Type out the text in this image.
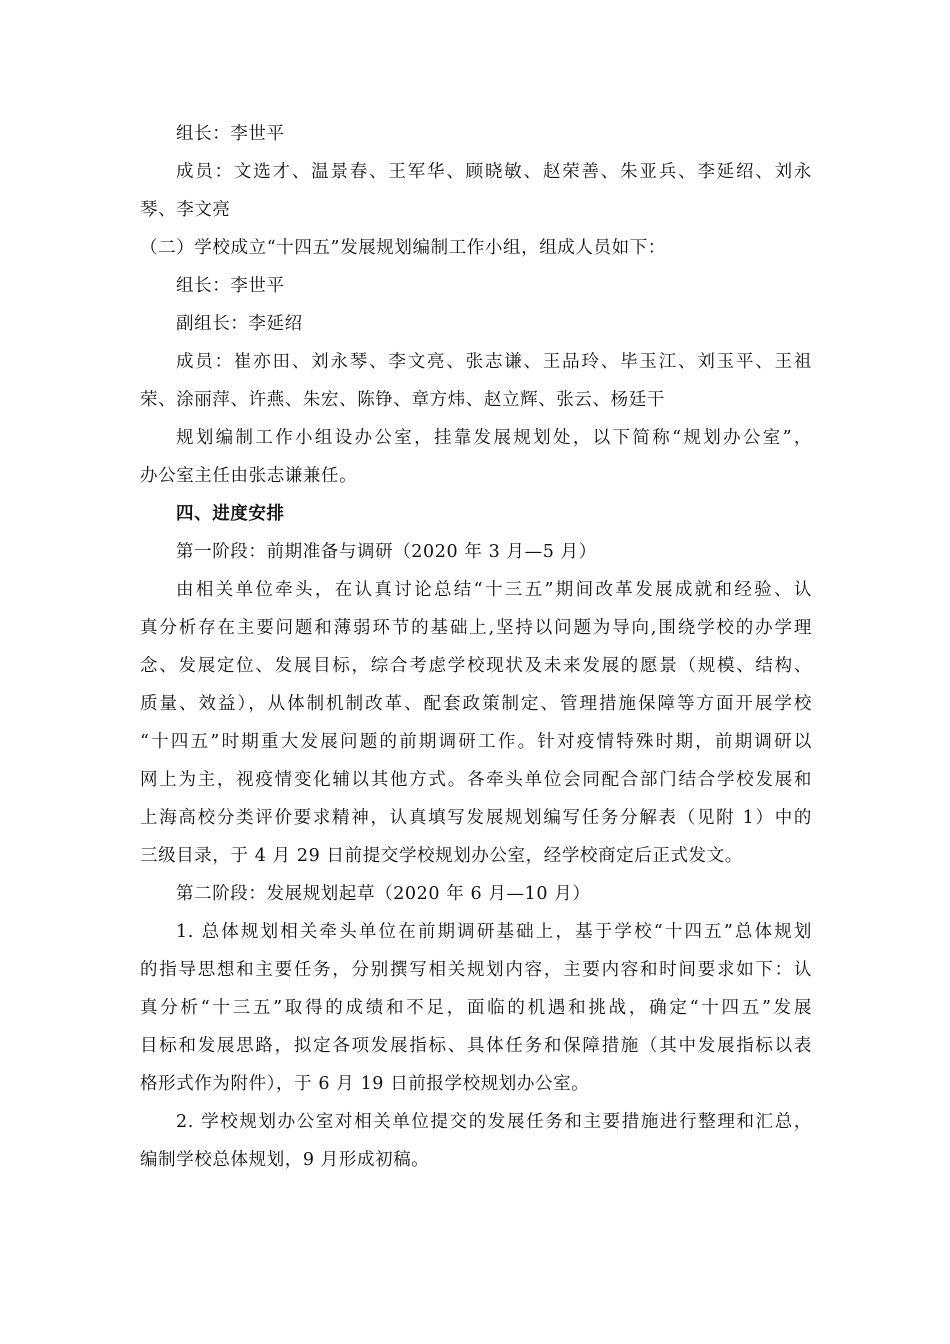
组长：李世平
成员：文选才、温景春、王军华、顾晓敏、赵荣善、朱亚兵、李延绍、刘永
琴、李文亮
（二）学校成立“十四五”发展规划编制工作小组，组成人员如下：
组长：李世平
副组长：李延绍
成员：崔亦田、刘永琴、李文亮、张志谦、王品玲、毕玉江、刘玉平、王祖
荣、涂丽萍、许燕、朱宏、陈铮、章方炜、赵立辉、张云、杨廷干
规划编制工作小组设办公室，挂靠发展规划处，以下简称“规划办公室”，
办公室主任由张志谦兼任。
四、进度安排
第一阶段：前期准备与调研（2020 年 3 月—5 月）
由相关单位牵头，在认真讨论总结“十三五”期间改革发展成就和经验、认
真分析存在主要问题和薄弱环节的基础上,坚持以问题为导向,围绕学校的办学理
念、发展定位、发展目标，综合考虑学校现状及未来发展的愿景（规模、结构、
质量、效益），从体制机制改革、配套政策制定、管理措施保障等方面开展学校
“十四五”时期重大发展问题的前期调研工作。针对疫情特殊时期，前期调研以
网上为主，视疫情变化辅以其他方式。各牵头单位会同配合部门结合学校发展和
上海高校分类评价要求精神，认真填写发展规划编写任务分解表（见附 1）中的
三级目录，于 4 月 29 日前提交学校规划办公室，经学校商定后正式发文。
第二阶段：发展规划起草（2020 年 6 月—10 月）
1. 总体规划相关牵头单位在前期调研基础上，基于学校“十四五”总体规划
的指导思想和主要任务，分别撰写相关规划内容，主要内容和时间要求如下：认
真分析“十三五”取得的成绩和不足，面临的机遇和挑战，确定“十四五”发展
目标和发展思路，拟定各项发展指标、具体任务和保障措施（其中发展指标以表
格形式作为附件），于 6 月 19 日前报学校规划办公室。
2. 学校规划办公室对相关单位提交的发展任务和主要措施进行整理和汇总，
编制学校总体规划，9 月形成初稿。
